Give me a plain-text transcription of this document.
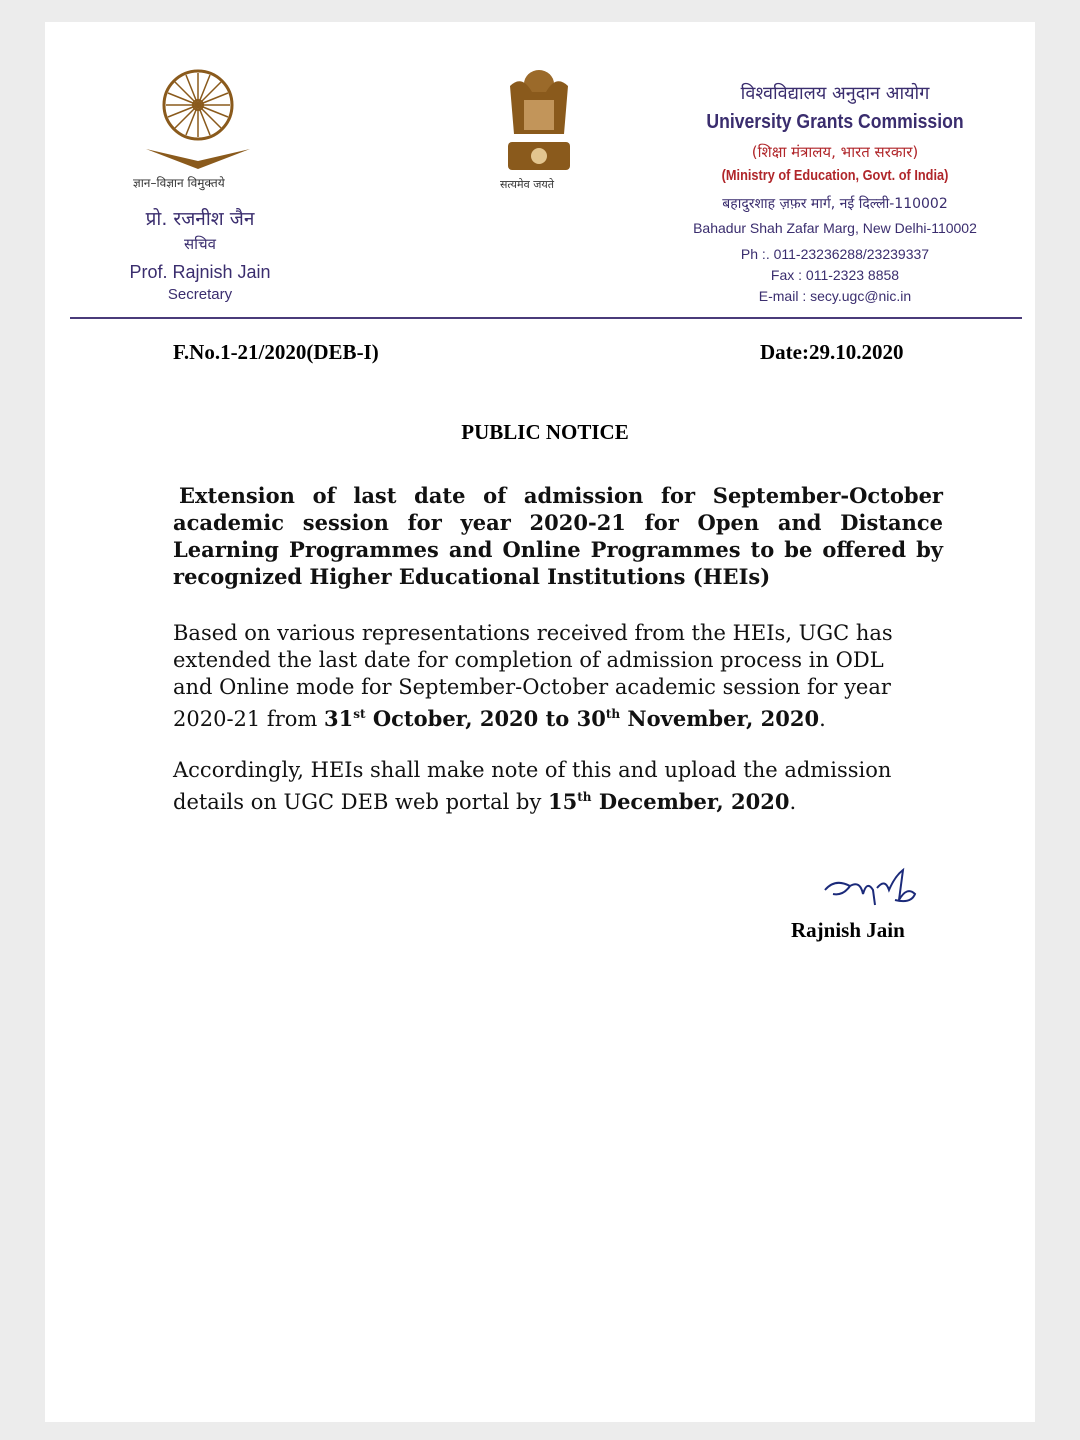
ज्ञान–विज्ञान विमुक्तये
प्रो. रजनीश जैन
सचिव
Prof. Rajnish Jain
Secretary
सत्यमेव जयते
विश्वविद्यालय अनुदान आयोग
University Grants Commission
(शिक्षा मंत्रालय, भारत सरकार)
(Ministry of Education, Govt. of India)
बहादुरशाह ज़फ़र मार्ग, नई दिल्ली-110002
Bahadur Shah Zafar Marg, New Delhi-110002
Ph :. 011-23236288/23239337
Fax : 011-2323 8858
E-mail : secy.ugc@nic.in
F.No.1-21/2020(DEB-I)	Date:29.10.2020
PUBLIC NOTICE
Extension of last date of admission for September-October
academic session for year 2020-21 for Open and Distance
Learning Programmes and Online Programmes to be offered by
recognized Higher Educational Institutions (HEIs)
Based on various representations received from the HEIs, UGC has
extended the last date for completion of admission process in ODL
and Online mode for September-October academic session for year
2020-21 from 31st October, 2020 to 30th November, 2020.
Accordingly, HEIs shall make note of this and upload the admission
details on UGC DEB web portal by 15th December, 2020.
Rajnish Jain
